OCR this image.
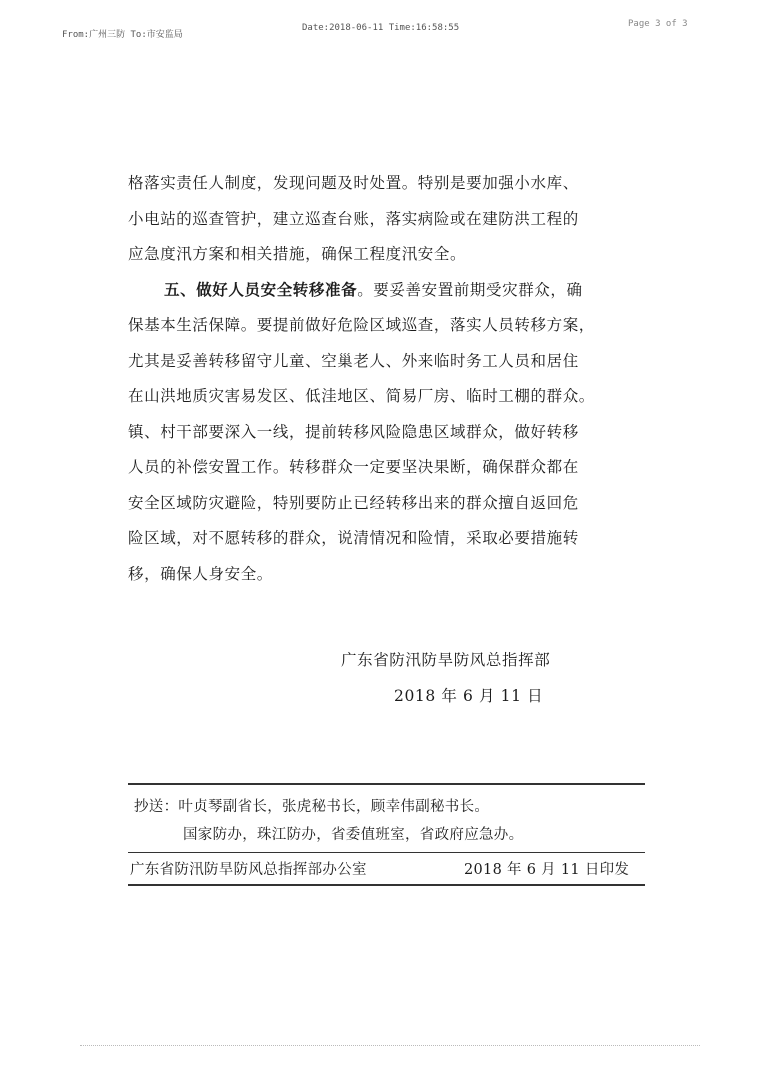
From:广州三防 To:市安监局
Date:2018-06-11 Time:16:58:55	Page 3 of 3
格落实责任人制度，发现问题及时处置。特别是要加强小水库、
小电站的巡查管护，建立巡查台账，落实病险或在建防洪工程的
应急度汛方案和相关措施，确保工程度汛安全。
五、做好人员安全转移准备。要妥善安置前期受灾群众，确
保基本生活保障。要提前做好危险区域巡查，落实人员转移方案，
尤其是妥善转移留守儿童、空巢老人、外来临时务工人员和居住
在山洪地质灾害易发区、低洼地区、简易厂房、临时工棚的群众。
镇、村干部要深入一线，提前转移风险隐患区域群众，做好转移
人员的补偿安置工作。转移群众一定要坚决果断，确保群众都在
安全区域防灾避险，特别要防止已经转移出来的群众擅自返回危
险区域，对不愿转移的群众，说清情况和险情，采取必要措施转
移，确保人身安全。
广东省防汛防旱防风总指挥部
2018 年 6 月 11 日
抄送：叶贞琴副省长，张虎秘书长，顾幸伟副秘书长。
国家防办，珠江防办，省委值班室，省政府应急办。
广东省防汛防旱防风总指挥部办公室	2018 年 6 月 11 日印发
